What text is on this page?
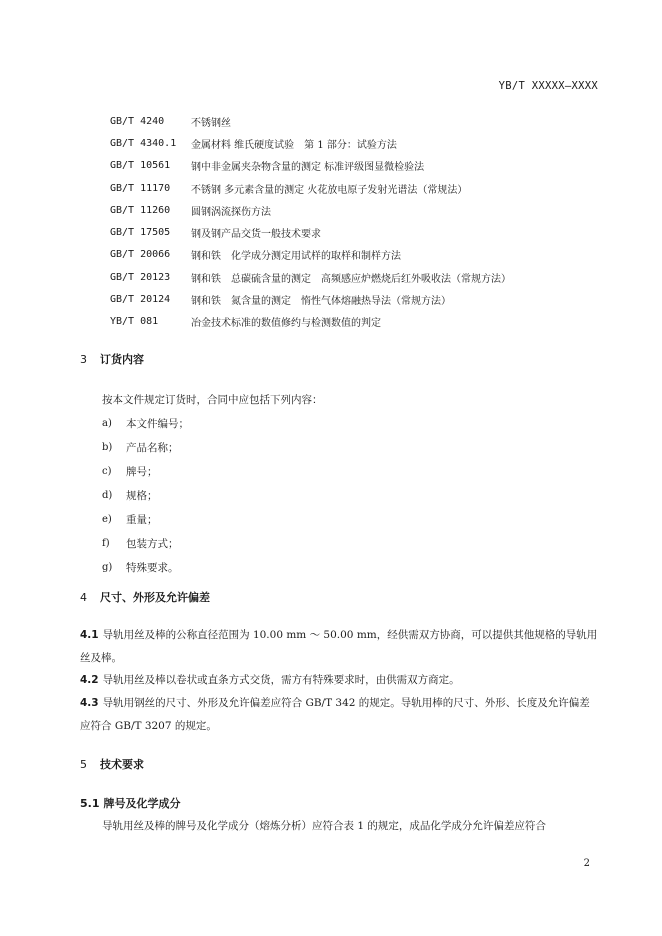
YB/T XXXXX—XXXX
GB/T 4240	不锈钢丝
GB/T 4340.1	金属材料 维氏硬度试验　第 1 部分：试验方法
GB/T 10561	钢中非金属夹杂物含量的测定 标准评级图显微检验法
GB/T 11170	不锈钢 多元素含量的测定 火花放电原子发射光谱法（常规法）
GB/T 11260	圆钢涡流探伤方法
GB/T 17505	钢及钢产品交货一般技术要求
GB/T 20066	钢和铁　化学成分测定用试样的取样和制样方法
GB/T 20123	钢和铁　总碳硫含量的测定　高频感应炉燃烧后红外吸收法（常规方法）
GB/T 20124	钢和铁　氮含量的测定　惰性气体熔融热导法（常规方法）
YB/T 081	冶金技术标准的数值修约与检测数值的判定
3 订货内容
按本文件规定订货时，合同中应包括下列内容：
a)	本文件编号；
b)	产品名称；
c)	牌号；
d)	规格；
e)	重量；
f)	包装方式；
g)	特殊要求。
4 尺寸、外形及允许偏差
4.1 导轨用丝及棒的公称直径范围为 10.00 mm ～ 50.00 mm，经供需双方协商，可以提供其他规格的导轨用丝及棒。
4.2 导轨用丝及棒以卷状或直条方式交货，需方有特殊要求时，由供需双方商定。
4.3 导轨用钢丝的尺寸、外形及允许偏差应符合 GB/T 342 的规定。导轨用棒的尺寸、外形、长度及允许偏差应符合 GB/T 3207 的规定。
5 技术要求
5.1 牌号及化学成分
导轨用丝及棒的牌号及化学成分（熔炼分析）应符合表 1 的规定，成品化学成分允许偏差应符合
2
